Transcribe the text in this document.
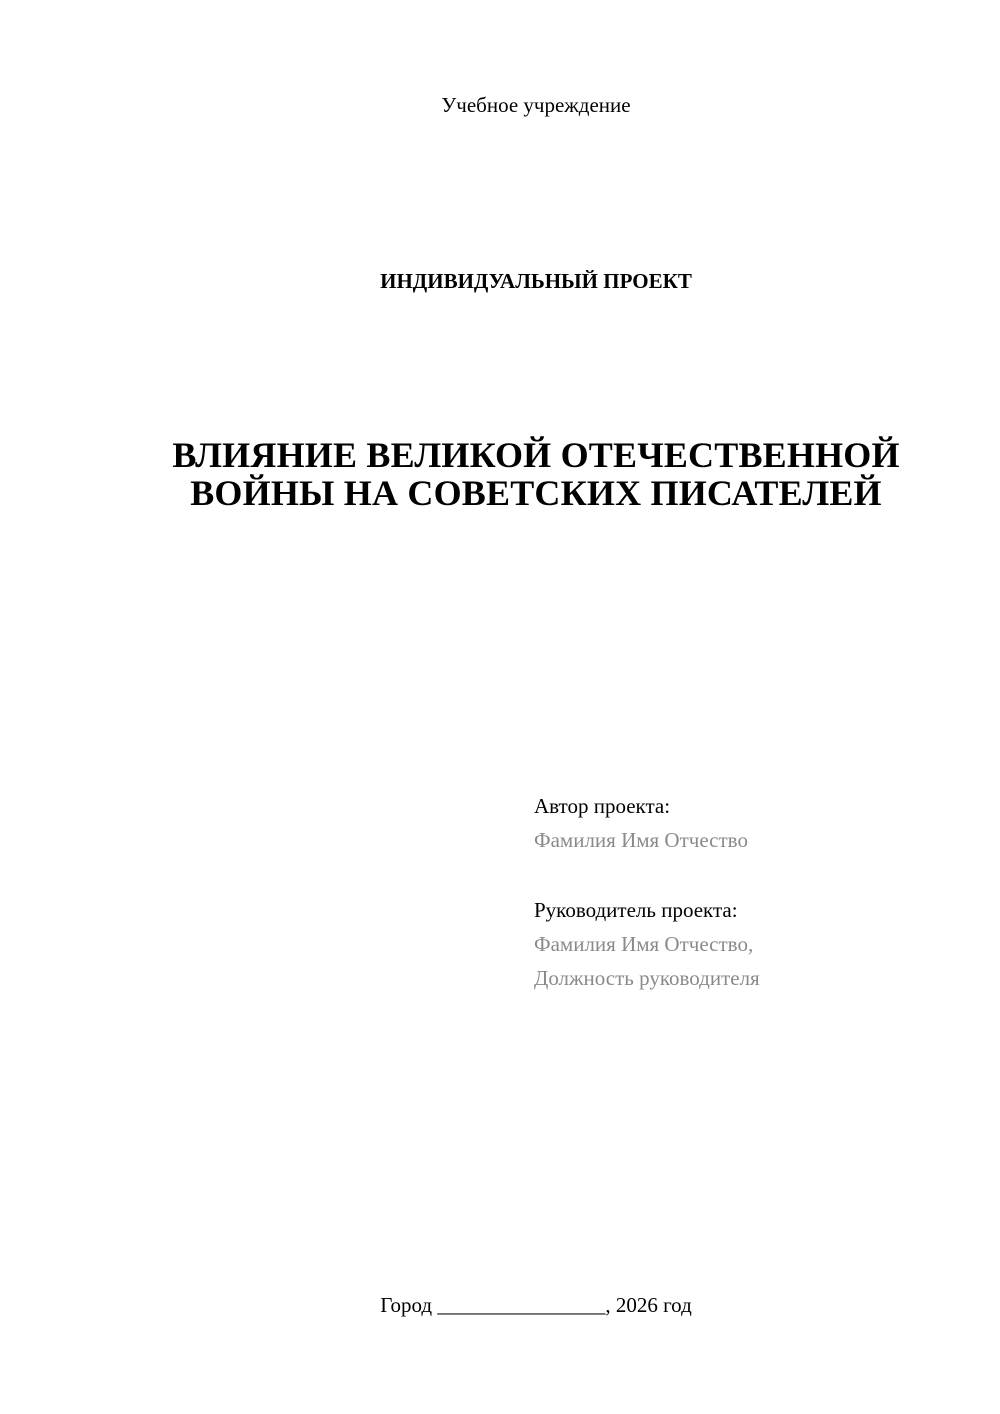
Учебное учреждение
ИНДИВИДУАЛЬНЫЙ ПРОЕКТ
ВЛИЯНИЕ ВЕЛИКОЙ ОТЕЧЕСТВЕННОЙ
ВОЙНЫ НА СОВЕТСКИХ ПИСАТЕЛЕЙ
Автор проекта:
Фамилия Имя Отчество
Руководитель проекта:
Фамилия Имя Отчество,
Должность руководителя
Город ________________, 2026 год
